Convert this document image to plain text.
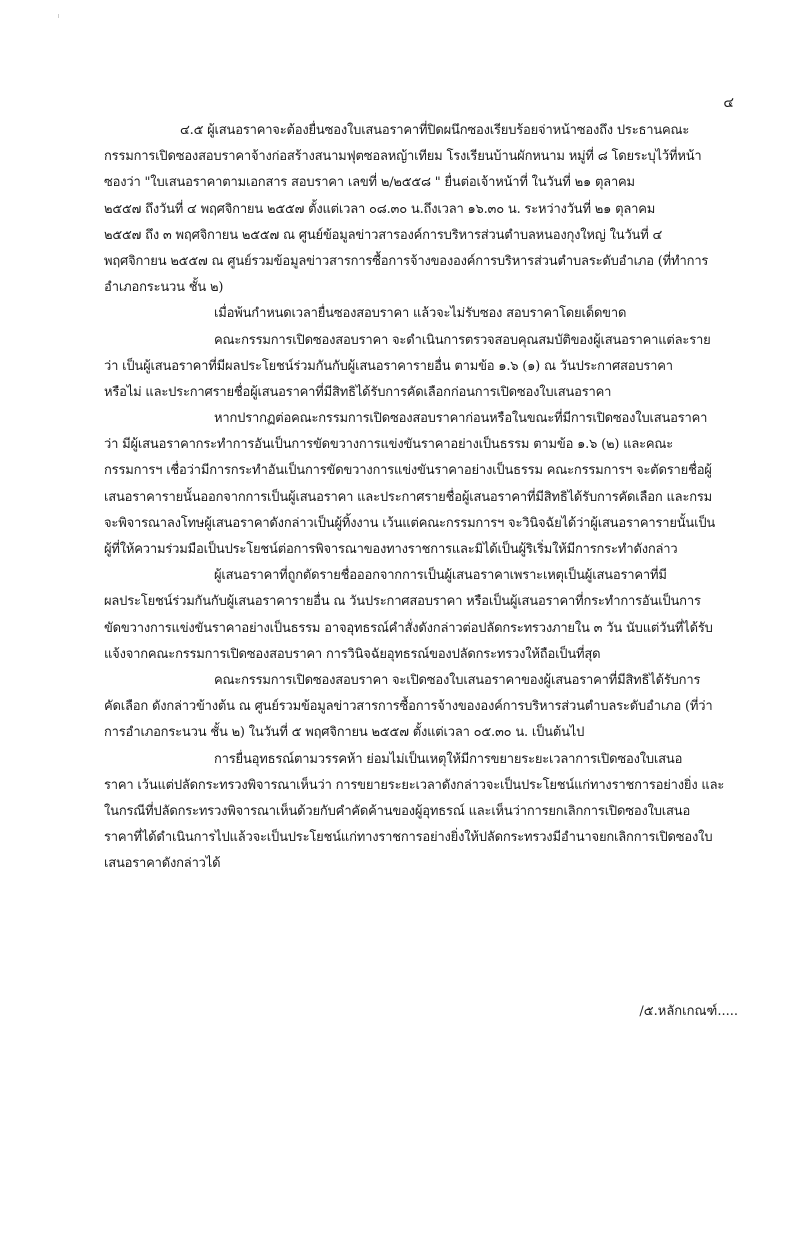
๔
๔.๕ ผู้เสนอราคาจะต้องยื่นซองใบเสนอราคาที่ปิดผนึกซองเรียบร้อยจ่าหน้าซองถึง ประธานคณะ
กรรมการเปิดซองสอบราคาจ้างก่อสร้างสนามฟุตซอลหญ้าเทียม โรงเรียนบ้านผักหนาม หมู่ที่ ๘ โดยระบุไว้ที่หน้า
ซองว่า "ใบเสนอราคาตามเอกสาร สอบราคา เลขที่ ๒/๒๕๕๘ " ยื่นต่อเจ้าหน้าที่ ในวันที่ ๒๑ ตุลาคม
๒๕๕๗ ถึงวันที่ ๔ พฤศจิกายน ๒๕๕๗ ตั้งแต่เวลา ๐๘.๓๐ น.ถึงเวลา ๑๖.๓๐ น. ระหว่างวันที่ ๒๑ ตุลาคม
๒๕๕๗ ถึง ๓ พฤศจิกายน ๒๕๕๗ ณ ศูนย์ข้อมูลข่าวสารองค์การบริหารส่วนตำบลหนองกุงใหญ่ ในวันที่ ๔
พฤศจิกายน ๒๕๕๗ ณ ศูนย์รวมข้อมูลข่าวสารการซื้อการจ้างขององค์การบริหารส่วนตำบลระดับอำเภอ (ที่ทำการ
อำเภอกระนวน ชั้น ๒)
เมื่อพ้นกำหนดเวลายื่นซองสอบราคา แล้วจะไม่รับซอง สอบราคาโดยเด็ดขาด
คณะกรรมการเปิดซองสอบราคา จะดำเนินการตรวจสอบคุณสมบัติของผู้เสนอราคาแต่ละราย
ว่า เป็นผู้เสนอราคาที่มีผลประโยชน์ร่วมกันกับผู้เสนอราคารายอื่น ตามข้อ ๑.๖ (๑) ณ วันประกาศสอบราคา
หรือไม่ และประกาศรายชื่อผู้เสนอราคาที่มีสิทธิได้รับการคัดเลือกก่อนการเปิดซองใบเสนอราคา
หากปรากฏต่อคณะกรรมการเปิดซองสอบราคาก่อนหรือในขณะที่มีการเปิดซองใบเสนอราคา
ว่า มีผู้เสนอราคากระทำการอันเป็นการขัดขวางการแข่งขันราคาอย่างเป็นธรรม ตามข้อ ๑.๖ (๒) และคณะ
กรรมการฯ เชื่อว่ามีการกระทำอันเป็นการขัดขวางการแข่งขันราคาอย่างเป็นธรรม คณะกรรมการฯ จะตัดรายชื่อผู้
เสนอราคารายนั้นออกจากการเป็นผู้เสนอราคา และประกาศรายชื่อผู้เสนอราคาที่มีสิทธิได้รับการคัดเลือก และกรม
จะพิจารณาลงโทษผู้เสนอราคาดังกล่าวเป็นผู้ทิ้งงาน เว้นแต่คณะกรรมการฯ จะวินิจฉัยได้ว่าผู้เสนอราคารายนั้นเป็น
ผู้ที่ให้ความร่วมมือเป็นประโยชน์ต่อการพิจารณาของทางราชการและมิได้เป็นผู้ริเริ่มให้มีการกระทำดังกล่าว
ผู้เสนอราคาที่ถูกตัดรายชื่อออกจากการเป็นผู้เสนอราคาเพราะเหตุเป็นผู้เสนอราคาที่มี
ผลประโยชน์ร่วมกันกับผู้เสนอราคารายอื่น ณ วันประกาศสอบราคา หรือเป็นผู้เสนอราคาที่กระทำการอันเป็นการ
ขัดขวางการแข่งขันราคาอย่างเป็นธรรม อาจอุทธรณ์คำสั่งดังกล่าวต่อปลัดกระทรวงภายใน ๓ วัน นับแต่วันที่ได้รับ
แจ้งจากคณะกรรมการเปิดซองสอบราคา การวินิจฉัยอุทธรณ์ของปลัดกระทรวงให้ถือเป็นที่สุด
คณะกรรมการเปิดซองสอบราคา จะเปิดซองใบเสนอราคาของผู้เสนอราคาที่มีสิทธิได้รับการ
คัดเลือก ดังกล่าวข้างต้น ณ ศูนย์รวมข้อมูลข่าวสารการซื้อการจ้างขององค์การบริหารส่วนตำบลระดับอำเภอ (ที่ว่า
การอำเภอกระนวน ชั้น ๒) ในวันที่ ๕ พฤศจิกายน ๒๕๕๗ ตั้งแต่เวลา ๐๕.๓๐ น. เป็นต้นไป
การยื่นอุทธรณ์ตามวรรคห้า ย่อมไม่เป็นเหตุให้มีการขยายระยะเวลาการเปิดซองใบเสนอ
ราคา เว้นแต่ปลัดกระทรวงพิจารณาเห็นว่า การขยายระยะเวลาดังกล่าวจะเป็นประโยชน์แก่ทางราชการอย่างยิ่ง และ
ในกรณีที่ปลัดกระทรวงพิจารณาเห็นด้วยกับคำคัดค้านของผู้อุทธรณ์ และเห็นว่าการยกเลิกการเปิดซองใบเสนอ
ราคาที่ได้ดำเนินการไปแล้วจะเป็นประโยชน์แก่ทางราชการอย่างยิ่งให้ปลัดกระทรวงมีอำนาจยกเลิกการเปิดซองใบ
เสนอราคาดังกล่าวได้
/๕.หลักเกณฑ์.....
